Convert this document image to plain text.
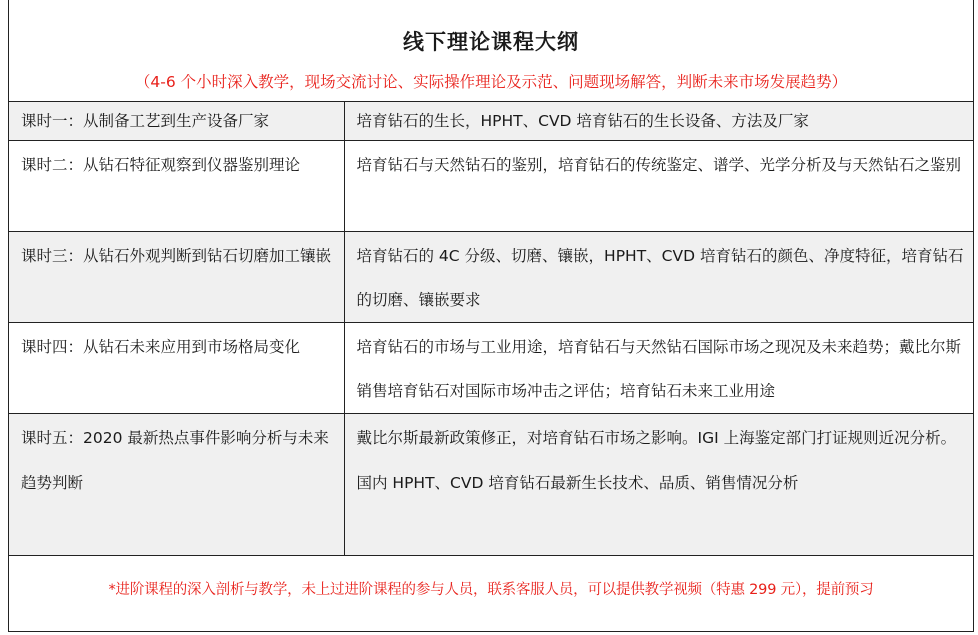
线下理论课程大纲
（4-6 个小时深入教学，现场交流讨论、实际操作理论及示范、问题现场解答，判断未来市场发展趋势）
课时一：从制备工艺到生产设备厂家	培育钻石的生长，HPHT、CVD 培育钻石的生长设备、方法及厂家

课时二：从钻石特征观察到仪器鉴别理论	培育钻石与天然钻石的鉴别，培育钻石的传统鉴定、谱学、光学分析及与天然钻石之鉴别

课时三：从钻石外观判断到钻石切磨加工镶嵌	培育钻石的 4C 分级、切磨、镶嵌，HPHT、CVD 培育钻石的颜色、净度特征，培育钻石的切磨、镶嵌要求

课时四：从钻石未来应用到市场格局变化	培育钻石的市场与工业用途，培育钻石与天然钻石国际市场之现况及未来趋势；戴比尔斯销售培育钻石对国际市场冲击之评估；培育钻石未来工业用途

课时五：2020 最新热点事件影响分析与未来趋势判断	戴比尔斯最新政策修正，对培育钻石市场之影响。IGI 上海鉴定部门打证规则近况分析。国内 HPHT、CVD 培育钻石最新生长技术、品质、销售情况分析
*进阶课程的深入剖析与教学，未上过进阶课程的参与人员，联系客服人员，可以提供教学视频（特惠 299 元），提前预习
